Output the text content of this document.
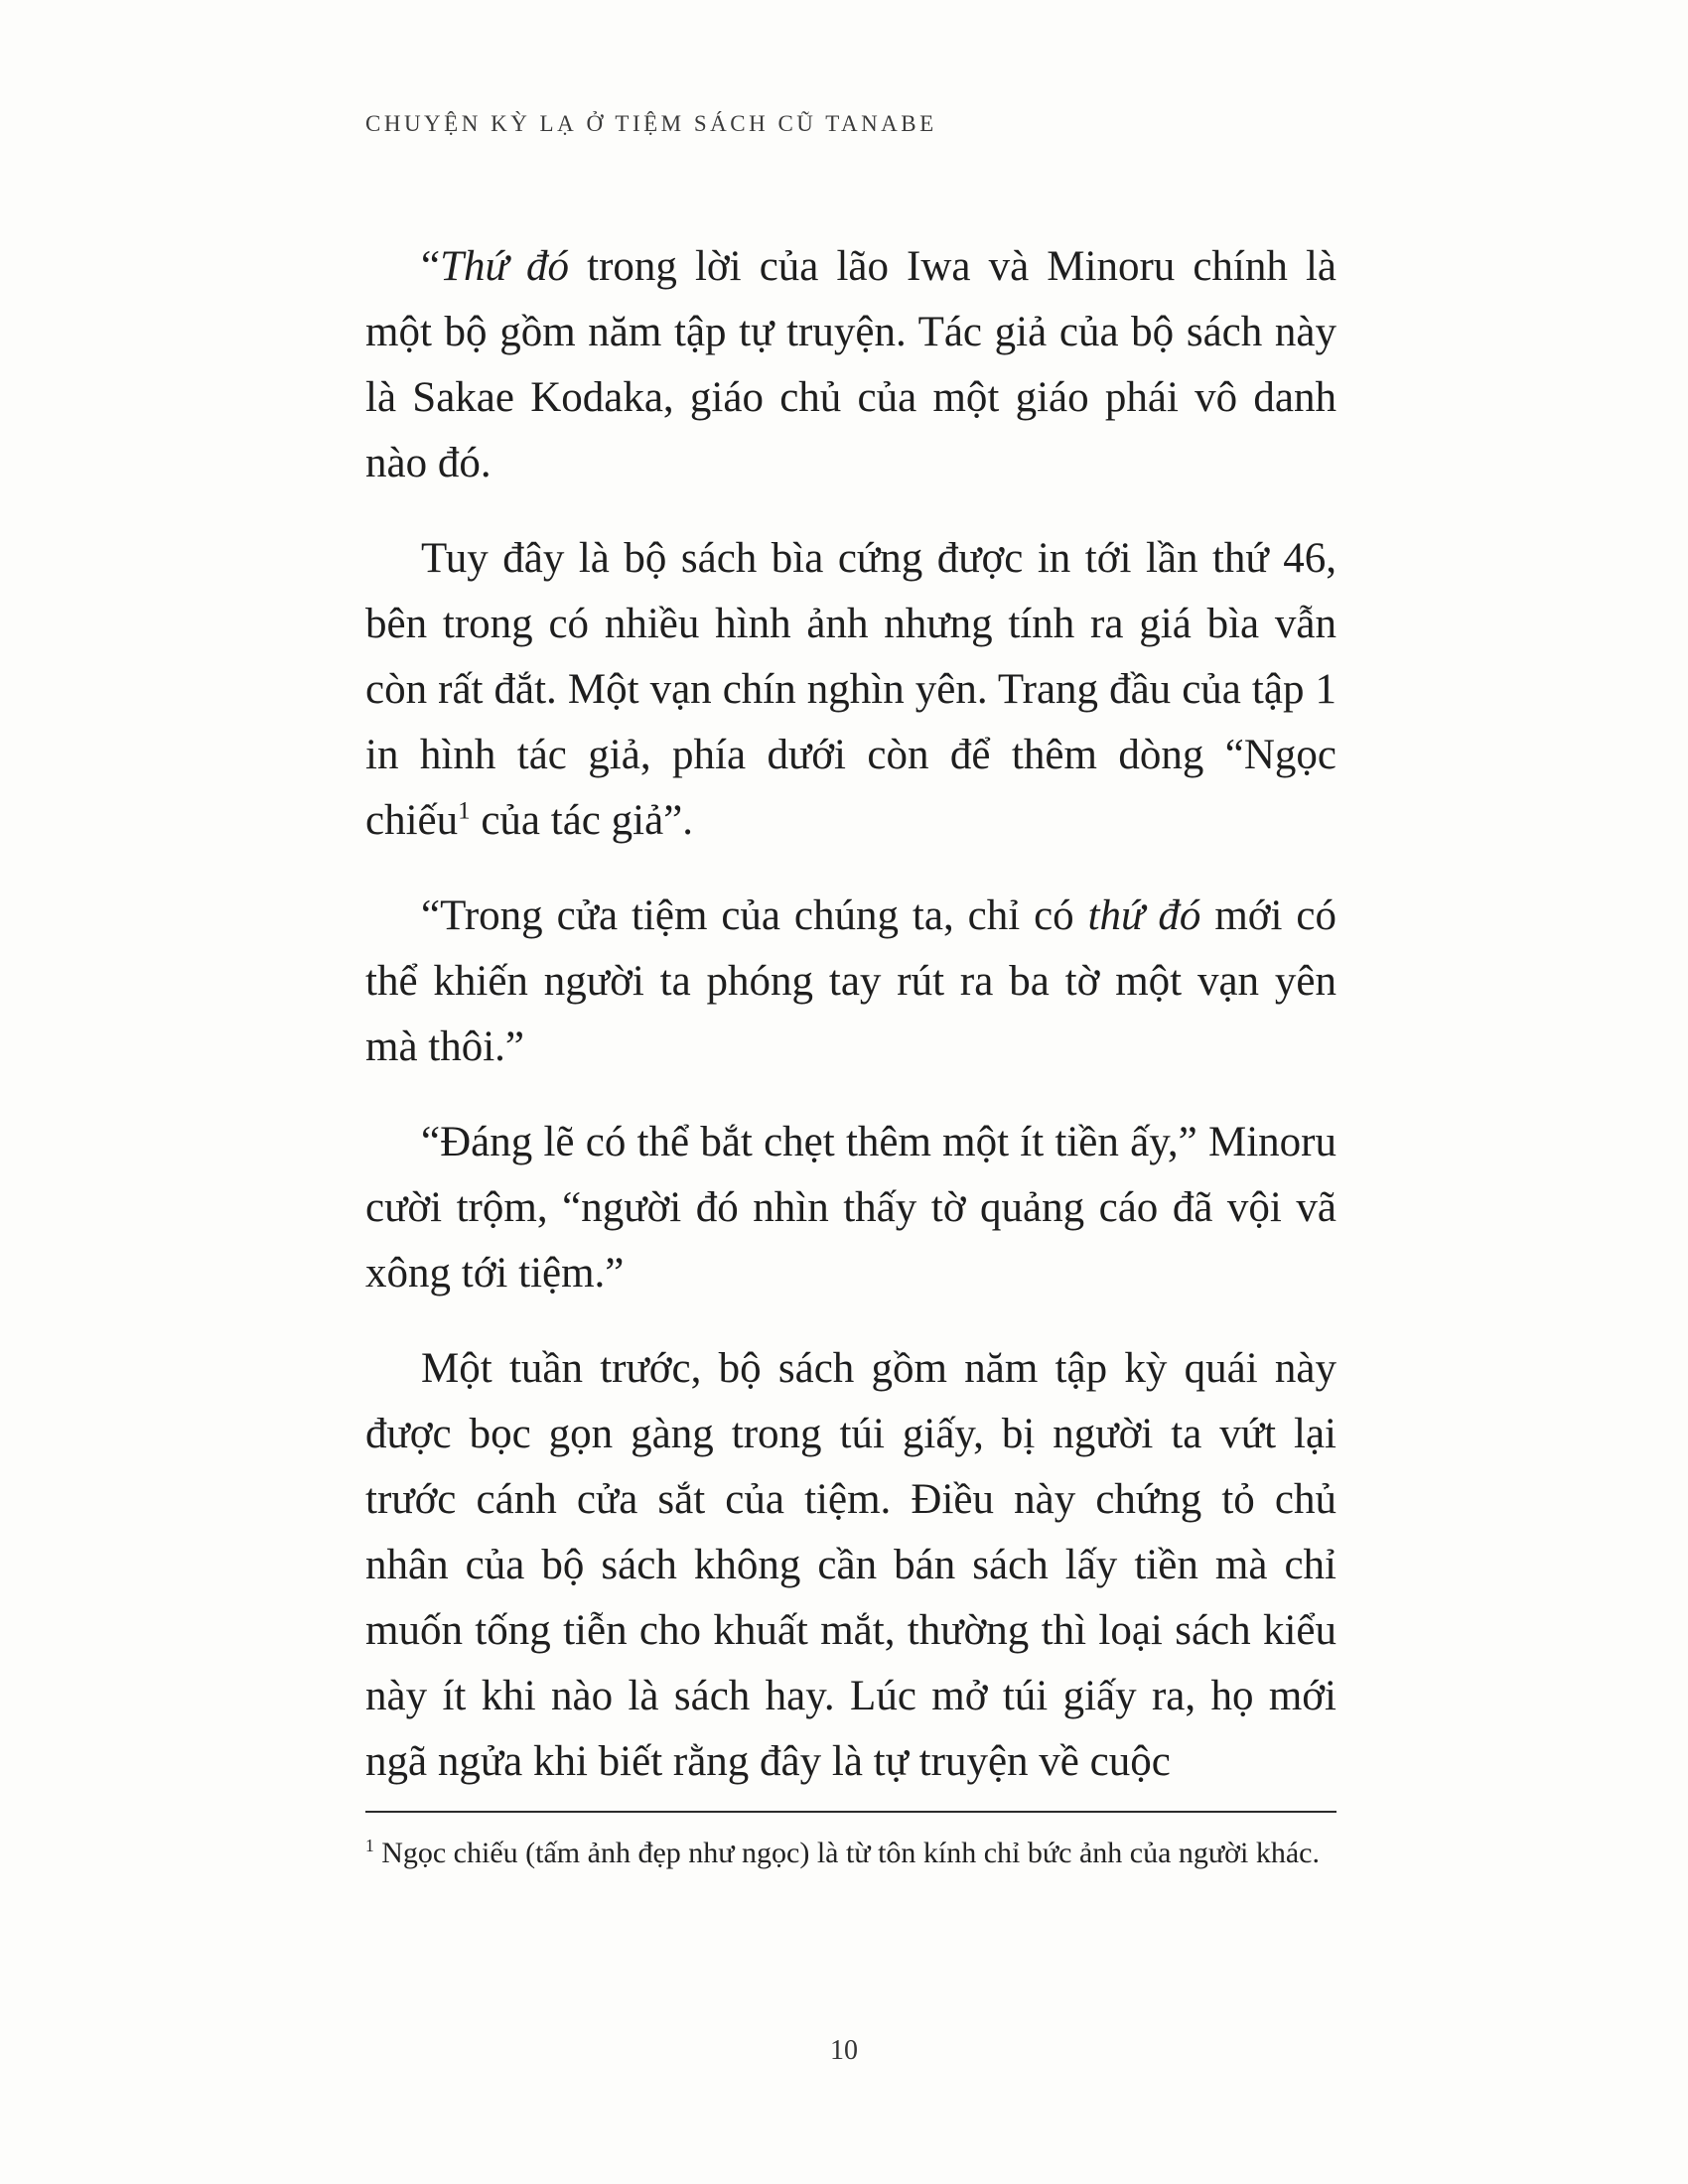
CHUYỆN KỲ LẠ Ở TIỆM SÁCH CŨ TANABE

“Thứ đó trong lời của lão Iwa và Minoru chính là một bộ gồm năm tập tự truyện. Tác giả của bộ sách này là Sakae Kodaka, giáo chủ của một giáo phái vô danh nào đó.

Tuy đây là bộ sách bìa cứng được in tới lần thứ 46, bên trong có nhiều hình ảnh nhưng tính ra giá bìa vẫn còn rất đắt. Một vạn chín nghìn yên. Trang đầu của tập 1 in hình tác giả, phía dưới còn để thêm dòng “Ngọc chiếu$^1$ của tác giả”.

“Trong cửa tiệm của chúng ta, chỉ có thứ đó mới có thể khiến người ta phóng tay rút ra ba tờ một vạn yên mà thôi.”

“Đáng lẽ có thể bắt chẹt thêm một ít tiền ấy,” Minoru cười trộm, “người đó nhìn thấy tờ quảng cáo đã vội vã xông tới tiệm.”

Một tuần trước, bộ sách gồm năm tập kỳ quái này được bọc gọn gàng trong túi giấy, bị người ta vứt lại trước cánh cửa sắt của tiệm. Điều này chứng tỏ chủ nhân của bộ sách không cần bán sách lấy tiền mà chỉ muốn tống tiễn cho khuất mắt, thường thì loại sách kiểu này ít khi nào là sách hay. Lúc mở túi giấy ra, họ mới ngã ngửa khi biết rằng đây là tự truyện về cuộc

$^1$ Ngọc chiếu (tấm ảnh đẹp như ngọc) là từ tôn kính chỉ bức ảnh của người khác.
10
